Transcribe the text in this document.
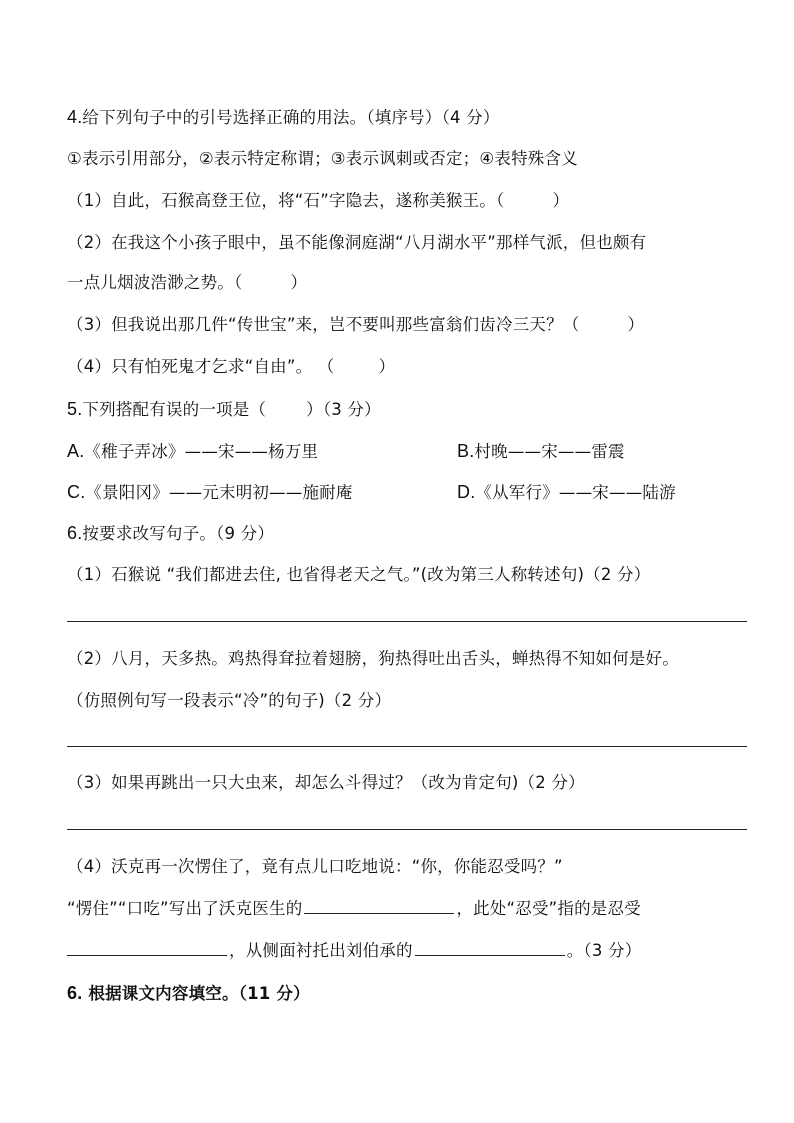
4.给下列句子中的引号选择正确的用法。（填序号）（4 分）
①表示引用部分，②表示特定称谓；③表示讽刺或否定；④表特殊含义
（1）自此，石猴高登王位，将“石”字隐去，遂称美猴王。（	）
（2）在我这个小孩子眼中，虽不能像洞庭湖“八月湖水平”那样气派，但也颇有
一点儿烟波浩渺之势。（	）
（3）但我说出那几件“传世宝”来，岂不要叫那些富翁们齿冷三天？（	）
（4）只有怕死鬼才乞求“自由”。 （	）
5.下列搭配有误的一项是（ ）（3 分）
A.《稚子弄冰》——宋——杨万里	B.村晚——宋——雷震
C.《景阳冈》——元末明初——施耐庵	D.《从军行》——宋——陆游
6.按要求改写句子。（9 分）
（1）石猴说 “我们都进去住, 也省得老天之气。”(改为第三人称转述句)（2 分）
（2）八月，天多热。鸡热得耷拉着翅膀，狗热得吐出舌头，蝉热得不知如何是好。
（仿照例句写一段表示“冷”的句子)（2 分）
（3）如果再跳出一只大虫来，却怎么斗得过？（改为肯定句)（2 分）
（4）沃克再一次愣住了，竟有点儿口吃地说：“你，你能忍受吗？”
“愣住”“口吃”写出了沃克医生的	，此处“忍受”指的是忍受
，从侧面衬托出刘伯承的	。（3 分）
6. 根据课文内容填空。（11 分）
